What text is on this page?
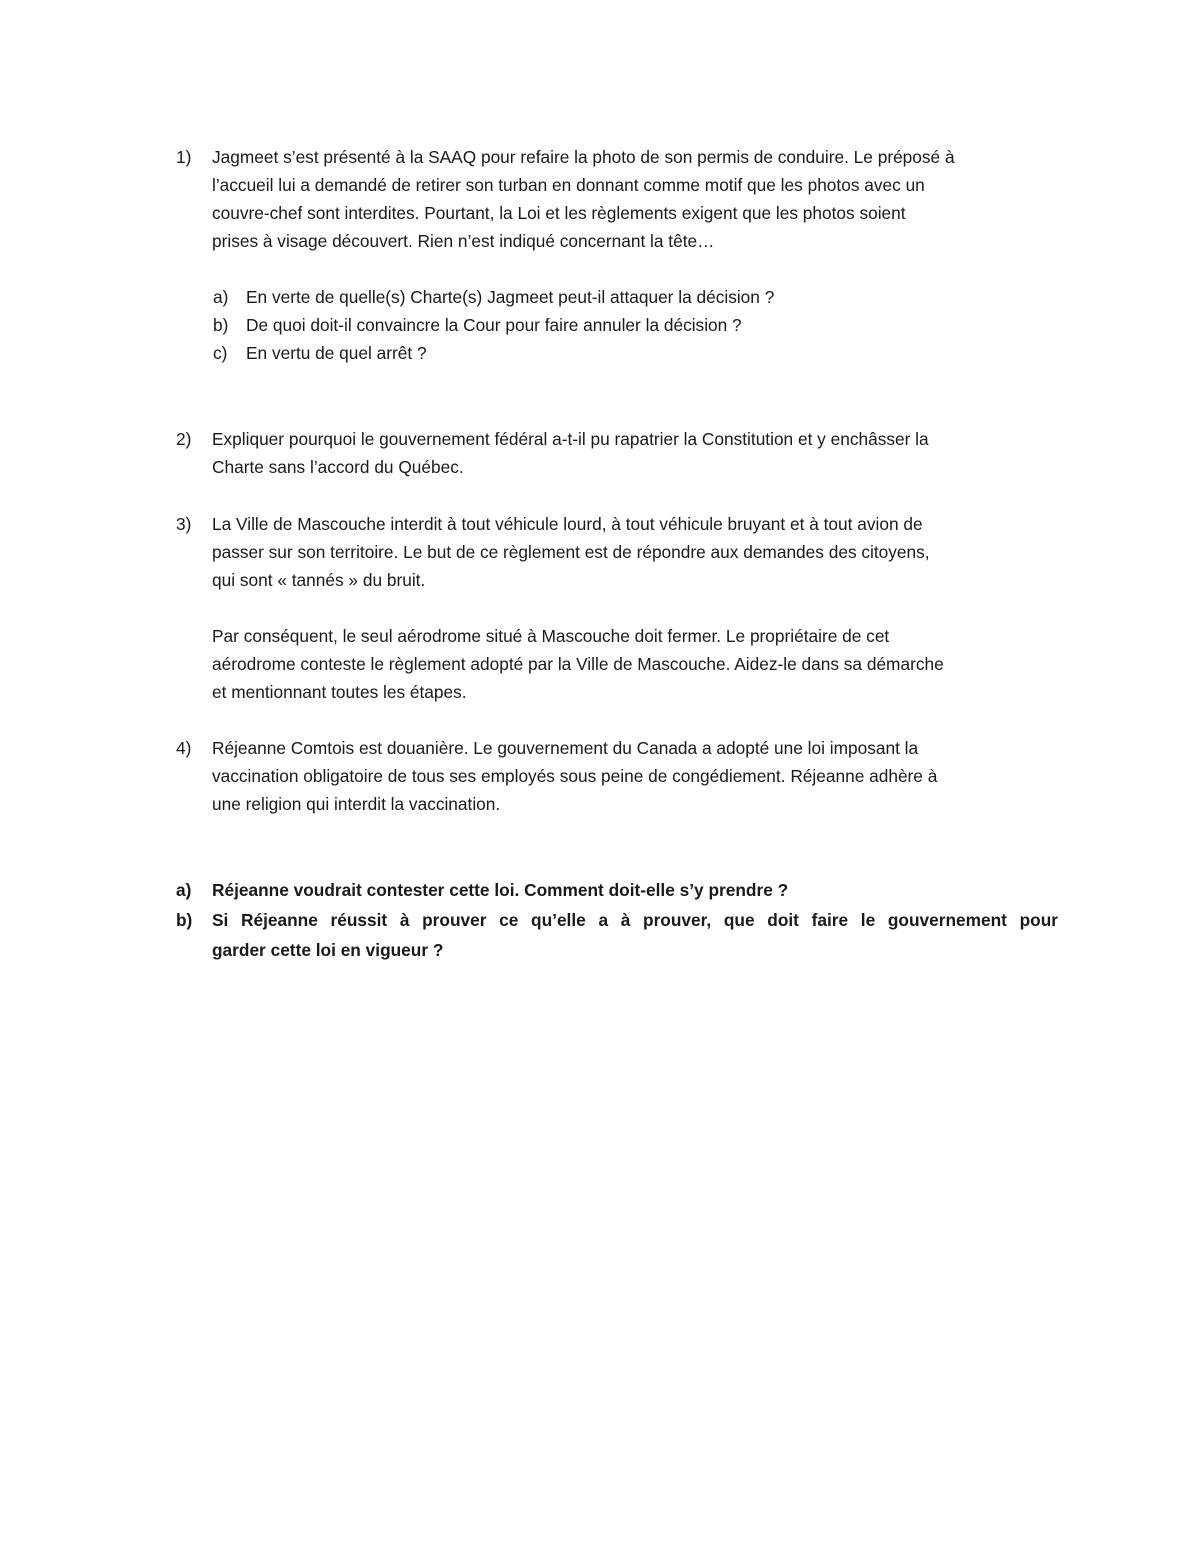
1) Jagmeet s’est présenté à la SAAQ pour refaire la photo de son permis de conduire. Le préposé à
l’accueil lui a demandé de retirer son turban en donnant comme motif que les photos avec un
couvre-chef sont interdites. Pourtant, la Loi et les règlements exigent que les photos soient
prises à visage découvert. Rien n’est indiqué concernant la tête…
a) En verte de quelle(s) Charte(s) Jagmeet peut-il attaquer la décision ?
b) De quoi doit-il convaincre la Cour pour faire annuler la décision ?
c) En vertu de quel arrêt ?
2) Expliquer pourquoi le gouvernement fédéral a-t-il pu rapatrier la Constitution et y enchâsser la
Charte sans l’accord du Québec.
3) La Ville de Mascouche interdit à tout véhicule lourd, à tout véhicule bruyant et à tout avion de
passer sur son territoire. Le but de ce règlement est de répondre aux demandes des citoyens,
qui sont « tannés » du bruit.
Par conséquent, le seul aérodrome situé à Mascouche doit fermer. Le propriétaire de cet
aérodrome conteste le règlement adopté par la Ville de Mascouche. Aidez-le dans sa démarche
et mentionnant toutes les étapes.
4) Réjeanne Comtois est douanière. Le gouvernement du Canada a adopté une loi imposant la
vaccination obligatoire de tous ses employés sous peine de congédiement. Réjeanne adhère à
une religion qui interdit la vaccination.
a) Réjeanne voudrait contester cette loi. Comment doit-elle s’y prendre ?
b) Si Réjeanne réussit à prouver ce qu’elle a à prouver, que doit faire le gouvernement pour
garder cette loi en vigueur ?
